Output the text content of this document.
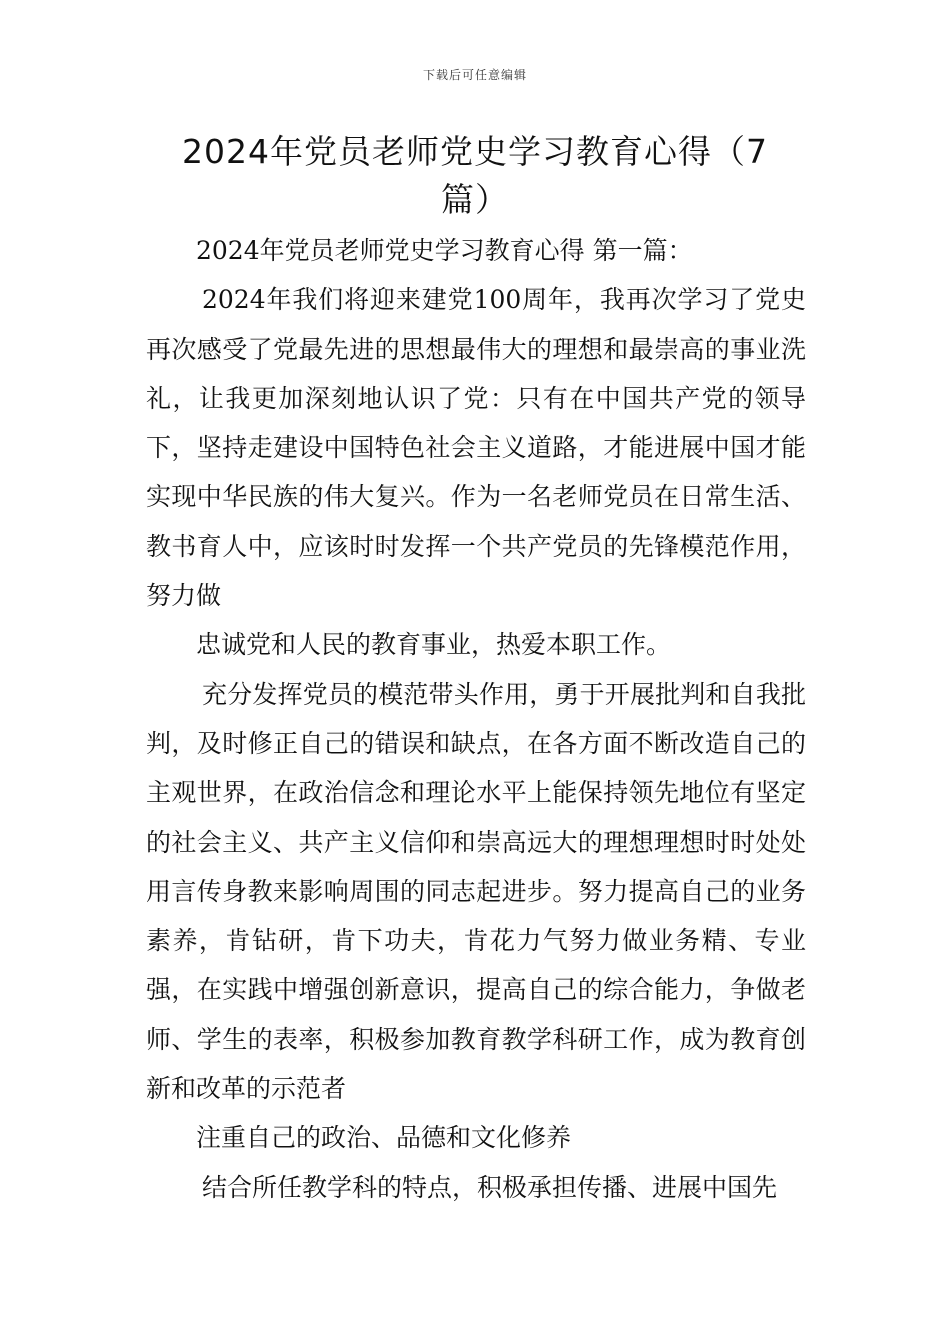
下载后可任意编辑
2024年党员老师党史学习教育心得（7篇）

2024年党员老师党史学习教育心得 第一篇：

2024年我们将迎来建党100周年，我再次学习了党史再次感受了党最先进的思想最伟大的理想和最崇高的事业洗礼，让我更加深刻地认识了党：只有在中国共产党的领导下，坚持走建设中国特色社会主义道路，才能进展中国才能实现中华民族的伟大复兴。作为一名老师党员在日常生活、教书育人中，应该时时发挥一个共产党员的先锋模范作用，努力做

忠诚党和人民的教育事业，热爱本职工作。

充分发挥党员的模范带头作用，勇于开展批判和自我批判，及时修正自己的错误和缺点，在各方面不断改造自己的主观世界，在政治信念和理论水平上能保持领先地位有坚定的社会主义、共产主义信仰和崇高远大的理想理想时时处处用言传身教来影响周围的同志起进步。努力提高自己的业务素养，肯钻研，肯下功夫，肯花力气努力做业务精、专业强，在实践中增强创新意识，提高自己的综合能力，争做老师、学生的表率，积极参加教育教学科研工作，成为教育创新和改革的示范者

注重自己的政治、品德和文化修养

结合所任教学科的特点，积极承担传播、进展中国先
